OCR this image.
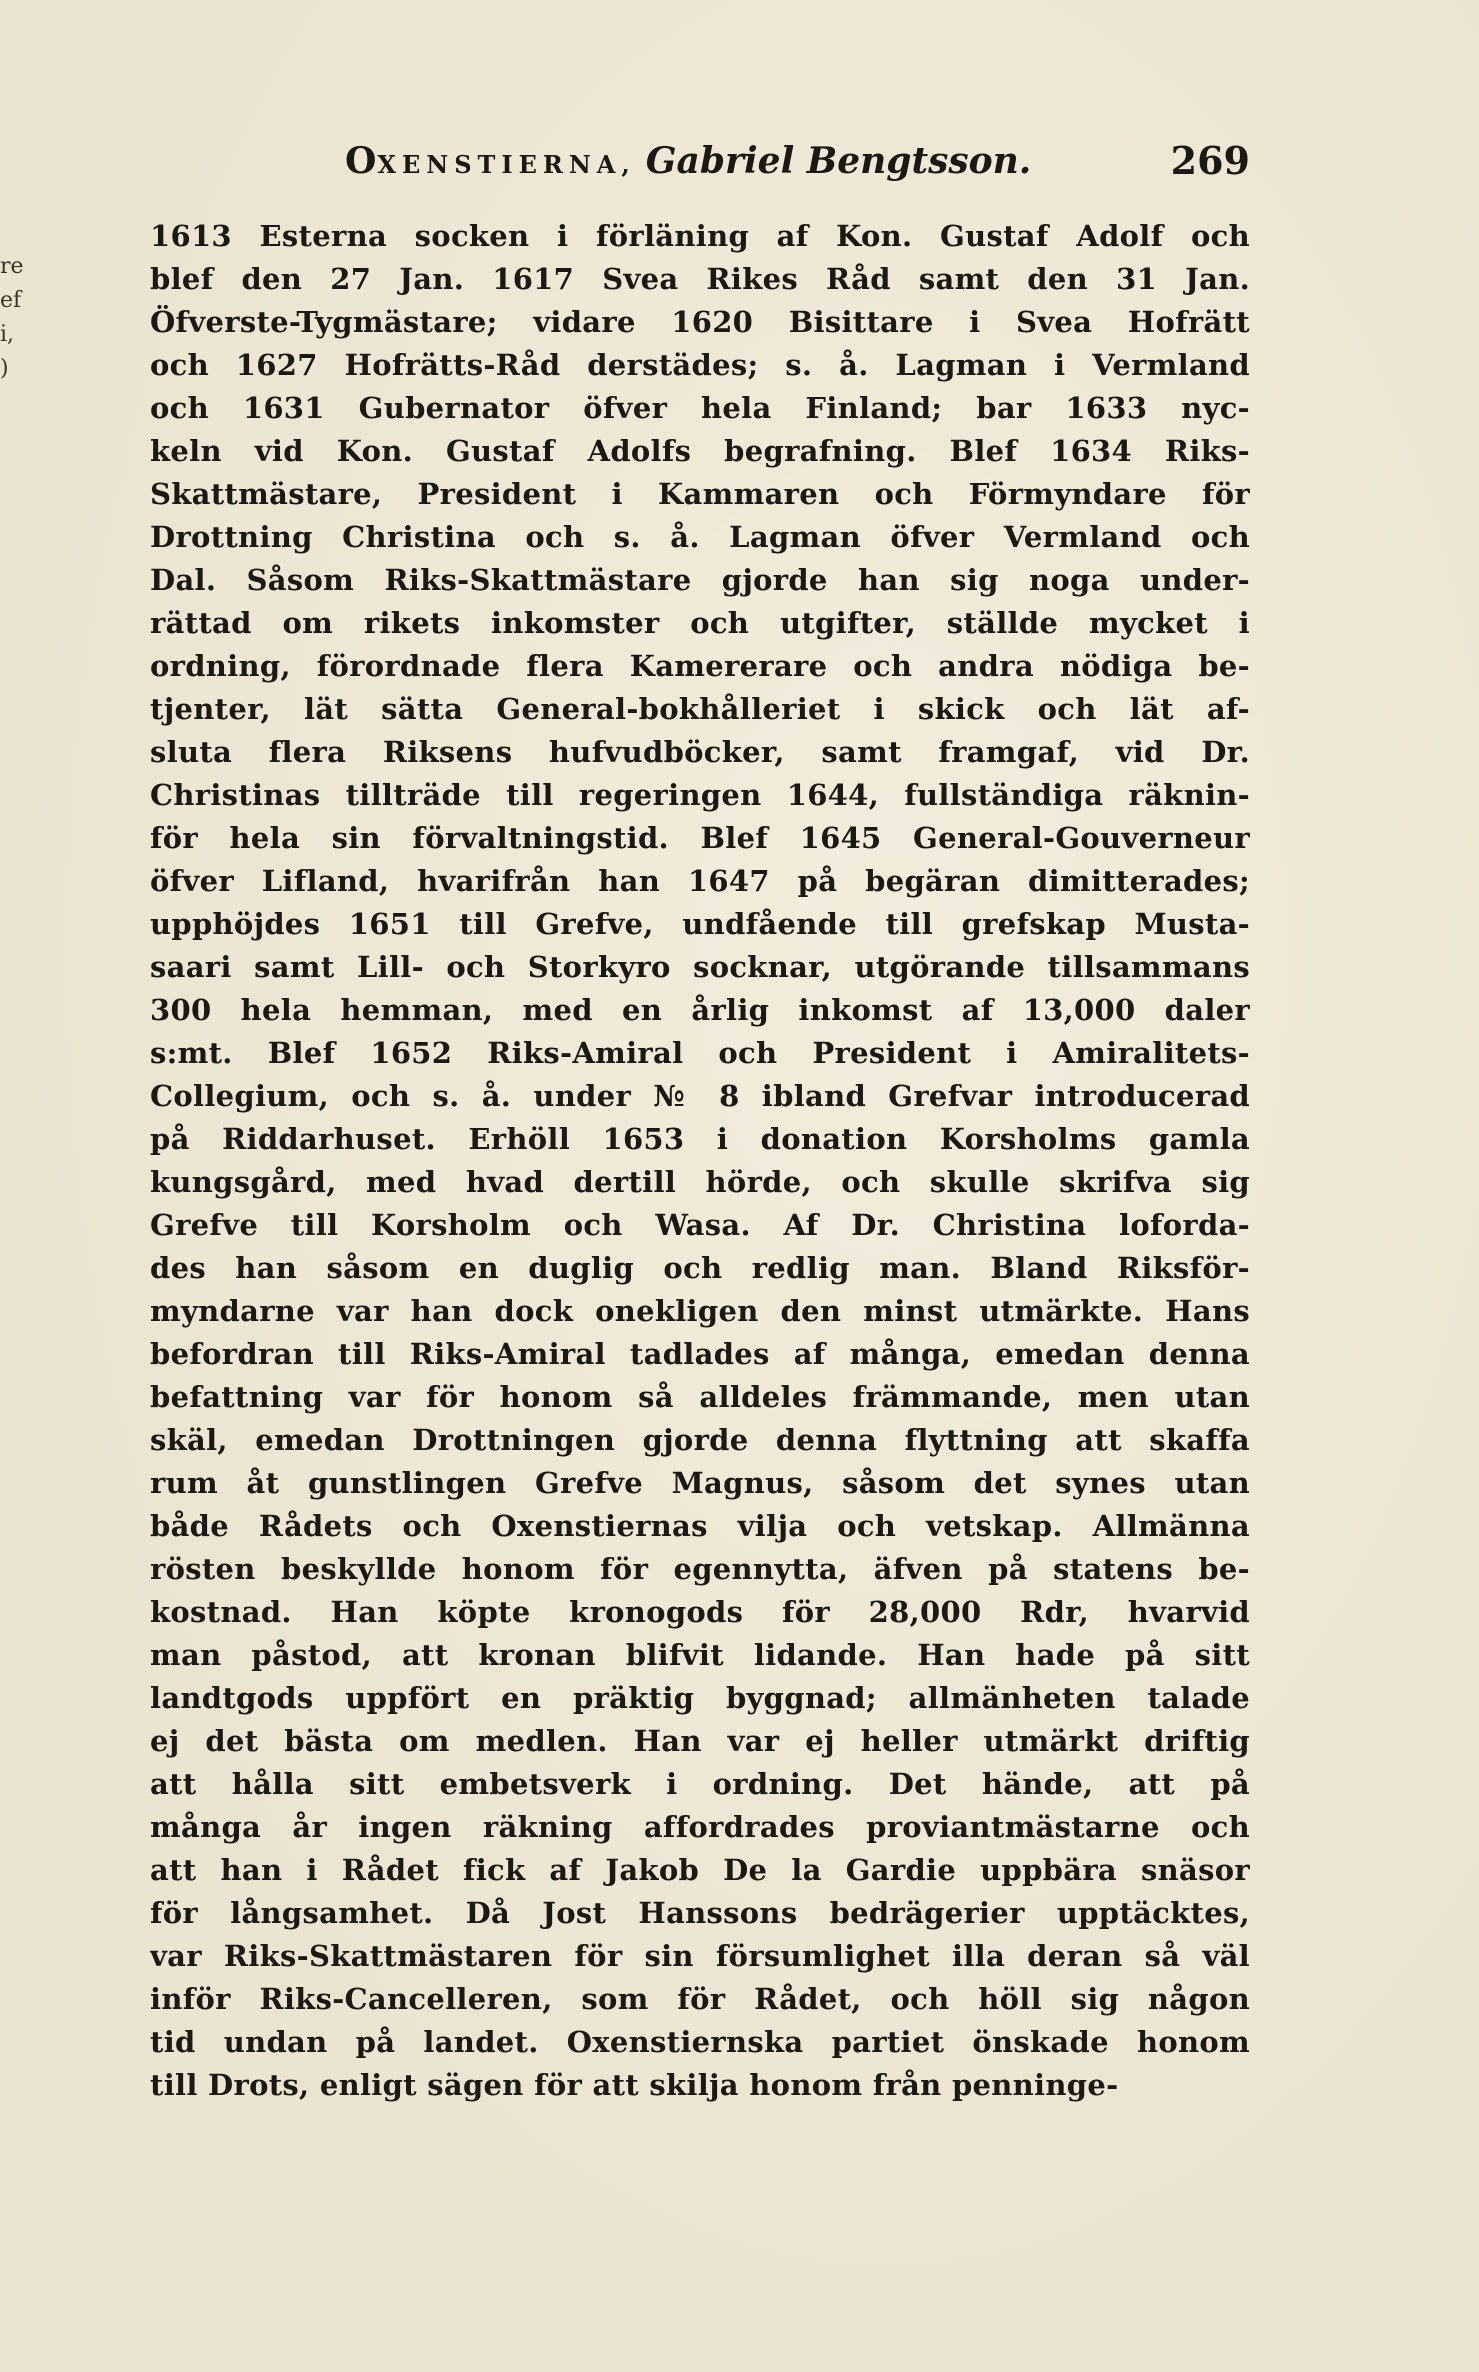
re
ef
i,
)
OXENSTIERNA, Gabriel Bengtsson.	269
1613 Esterna socken i förläning af Kon. Gustaf Adolf och
blef den 27 Jan. 1617 Svea Rikes Råd samt den 31 Jan.
Öfverste-Tygmästare; vidare 1620 Bisittare i Svea Hofrätt
och 1627 Hofrätts-Råd derstädes; s. å. Lagman i Vermland
och 1631 Gubernator öfver hela Finland; bar 1633 nyc-
keln vid Kon. Gustaf Adolfs begrafning. Blef 1634 Riks-
Skattmästare, President i Kammaren och Förmyndare för
Drottning Christina och s. å. Lagman öfver Vermland och
Dal. Såsom Riks-Skattmästare gjorde han sig noga under-
rättad om rikets inkomster och utgifter, ställde mycket i
ordning, förordnade flera Kamererare och andra nödiga be-
tjenter, lät sätta General-bokhålleriet i skick och lät af-
sluta flera Riksens hufvudböcker, samt framgaf, vid Dr.
Christinas tillträde till regeringen 1644, fullständiga räknin-
för hela sin förvaltningstid. Blef 1645 General-Gouverneur
öfver Lifland, hvarifrån han 1647 på begäran dimitterades;
upphöjdes 1651 till Grefve, undfående till grefskap Musta-
saari samt Lill- och Storkyro socknar, utgörande tillsammans
300 hela hemman, med en årlig inkomst af 13,000 daler
s:mt. Blef 1652 Riks-Amiral och President i Amiralitets-
Collegium, och s. å. under № 8 ibland Grefvar introducerad
på Riddarhuset. Erhöll 1653 i donation Korsholms gamla
kungsgård, med hvad dertill hörde, och skulle skrifva sig
Grefve till Korsholm och Wasa. Af Dr. Christina loforda-
des han såsom en duglig och redlig man. Bland Riksför-
myndarne var han dock onekligen den minst utmärkte. Hans
befordran till Riks-Amiral tadlades af många, emedan denna
befattning var för honom så alldeles främmande, men utan
skäl, emedan Drottningen gjorde denna flyttning att skaffa
rum åt gunstlingen Grefve Magnus, såsom det synes utan
både Rådets och Oxenstiernas vilja och vetskap. Allmänna
rösten beskyllde honom för egennytta, äfven på statens be-
kostnad. Han köpte kronogods för 28,000 Rdr, hvarvid
man påstod, att kronan blifvit lidande. Han hade på sitt
landtgods uppfört en präktig byggnad; allmänheten talade
ej det bästa om medlen. Han var ej heller utmärkt driftig
att hålla sitt embetsverk i ordning. Det hände, att på
många år ingen räkning affordrades proviantmästarne och
att han i Rådet fick af Jakob De la Gardie uppbära snäsor
för långsamhet. Då Jost Hanssons bedrägerier upptäcktes,
var Riks-Skattmästaren för sin försumlighet illa deran så väl
inför Riks-Cancelleren, som för Rådet, och höll sig någon
tid undan på landet. Oxenstiernska partiet önskade honom
till Drots, enligt sägen för att skilja honom från penninge-
